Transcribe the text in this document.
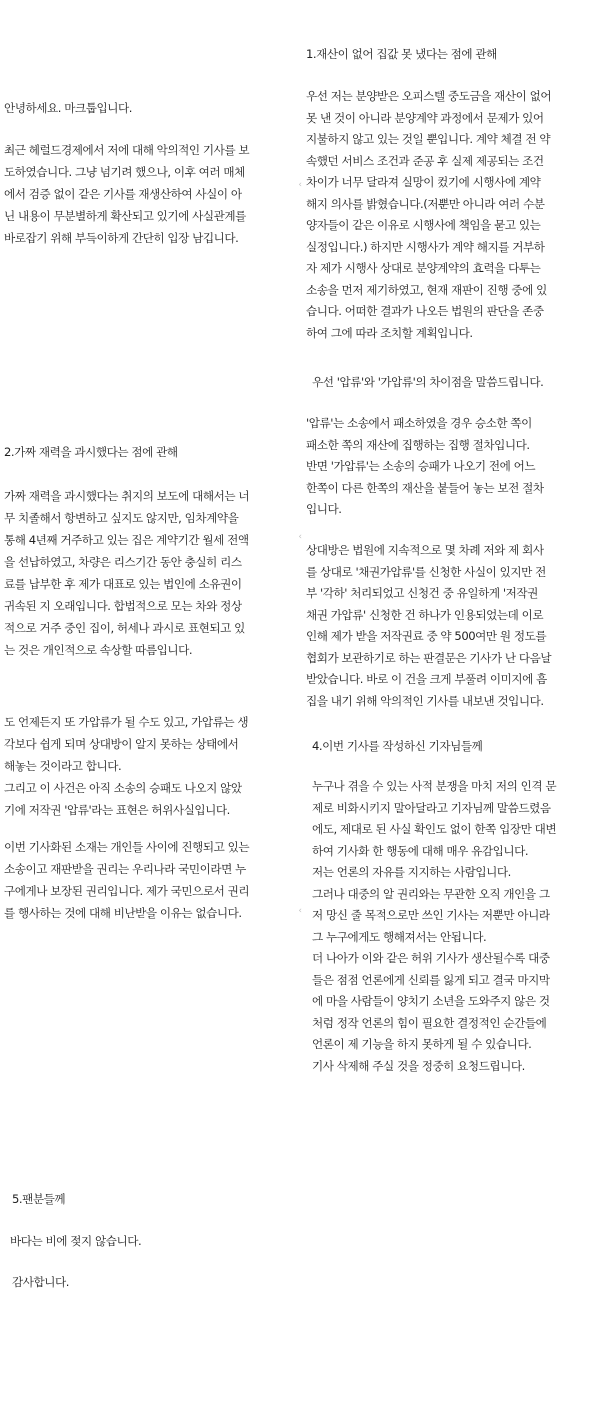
안녕하세요. 마크툽입니다.
최근 헤럴드경제에서 저에 대해 악의적인 기사를 보
도하였습니다. 그냥 넘기려 했으나, 이후 여러 매체
에서 검증 없이 같은 기사를 재생산하여 사실이 아
닌 내용이 무분별하게 확산되고 있기에 사실관계를
바로잡기 위해 부득이하게 간단히 입장 남깁니다.
2.가짜 재력을 과시했다는 점에 관해
가짜 재력을 과시했다는 취지의 보도에 대해서는 너
무 치졸해서 항변하고 싶지도 않지만, 임차계약을
통해 4년째 거주하고 있는 집은 계약기간 월세 전액
을 선납하였고, 차량은 리스기간 동안 충실히 리스
료를 납부한 후 제가 대표로 있는 법인에 소유권이
귀속된 지 오래입니다. 합법적으로 모는 차와 정상
적으로 거주 중인 집이, 허세나 과시로 표현되고 있
는 것은 개인적으로 속상할 따름입니다.
도 언제든지 또 가압류가 될 수도 있고, 가압류는 생
각보다 쉽게 되며 상대방이 알지 못하는 상태에서
해놓는 것이라고 합니다.
그리고 이 사건은 아직 소송의 승패도 나오지 않았
기에 저작권 '압류'라는 표현은 허위사실입니다.
이번 기사화된 소재는 개인들 사이에 진행되고 있는
소송이고 재판받을 권리는 우리나라 국민이라면 누
구에게나 보장된 권리입니다. 제가 국민으로서 권리
를 행사하는 것에 대해 비난받을 이유는 없습니다.
1.재산이 없어 집값 못 냈다는 점에 관해
우선 저는 분양받은 오피스텔 중도금을 재산이 없어
못 낸 것이 아니라 분양계약 과정에서 문제가 있어
지불하지 않고 있는 것일 뿐입니다. 계약 체결 전 약
속했던 서비스 조건과 준공 후 실제 제공되는 조건
차이가 너무 달라져 실망이 컸기에 시행사에 계약
해지 의사를 밝혔습니다.(저뿐만 아니라 여러 수분
양자들이 같은 이유로 시행사에 책임을 묻고 있는
실정입니다.) 하지만 시행사가 계약 해지를 거부하
자 제가 시행사 상대로 분양계약의 효력을 다투는
소송을 먼저 제기하였고, 현재 재판이 진행 중에 있
습니다. 어떠한 결과가 나오든 법원의 판단을 존중
하여 그에 따라 조치할 계획입니다.
우선 '압류'와 '가압류'의 차이점을 말씀드립니다.
'압류'는 소송에서 패소하였을 경우 승소한 쪽이
패소한 쪽의 재산에 집행하는 집행 절차입니다.
반면 '가압류'는 소송의 승패가 나오기 전에 어느
한쪽이 다른 한쪽의 재산을 붙들어 놓는 보전 절차
입니다.
상대방은 법원에 지속적으로 몇 차례 저와 제 회사
를 상대로 '채권가압류'를 신청한 사실이 있지만 전
부 '각하' 처리되었고 신청건 중 유일하게 '저작권
채권 가압류' 신청한 건 하나가 인용되었는데 이로
인해 제가 받을 저작권료 중 약 500여만 원 정도를
협회가 보관하기로 하는 판결문은 기사가 난 다음날
받았습니다. 바로 이 건을 크게 부풀려 이미지에 흠
집을 내기 위해 악의적인 기사를 내보낸 것입니다.
4.이번 기사를 작성하신 기자님들께
누구나 겪을 수 있는 사적 분쟁을 마치 저의 인격 문
제로 비화시키지 말아달라고 기자님께 말씀드렸음
에도, 제대로 된 사실 확인도 없이 한쪽 입장만 대변
하여 기사화 한 행동에 대해 매우 유감입니다.
저는 언론의 자유를 지지하는 사람입니다.
그러나 대중의 알 권리와는 무관한 오직 개인을 그
저 망신 줄 목적으로만 쓰인 기사는 저뿐만 아니라
그 누구에게도 행해져서는 안됩니다.
더 나아가 이와 같은 허위 기사가 생산될수록 대중
들은 점점 언론에게 신뢰를 잃게 되고 결국 마지막
에 마을 사람들이 양치기 소년을 도와주지 않은 것
처럼 정작 언론의 힘이 필요한 결정적인 순간들에
언론이 제 기능을 하지 못하게 될 수 있습니다.
기사 삭제해 주실 것을 정중히 요청드립니다.
‹
‹
‹
5.팬분들께
바다는 비에 젖지 않습니다.
감사합니다.
